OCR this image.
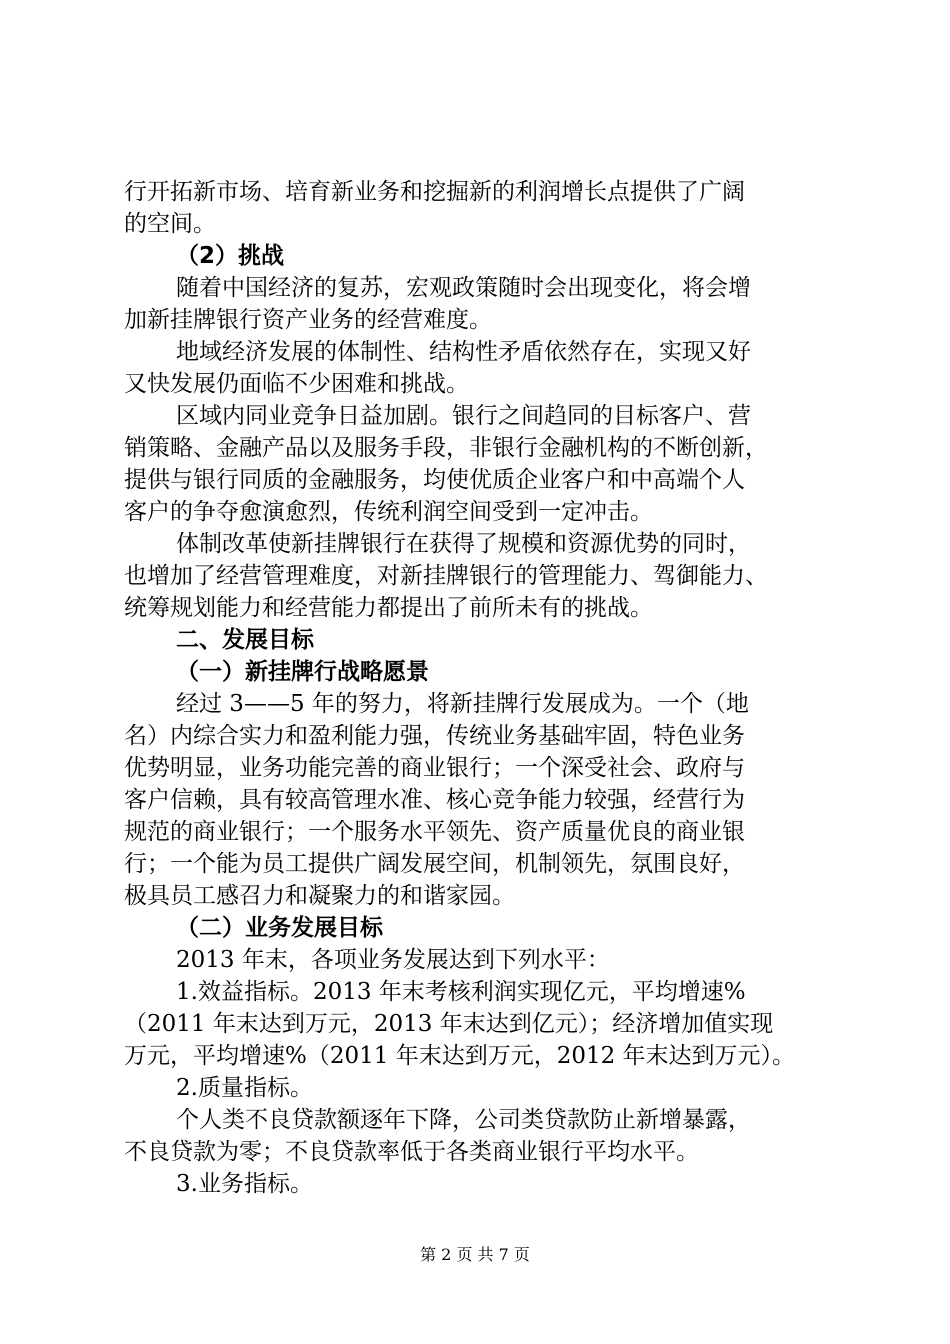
行开拓新市场、培育新业务和挖掘新的利润增长点提供了广阔
的空间。
（2）挑战
随着中国经济的复苏，宏观政策随时会出现变化，将会增
加新挂牌银行资产业务的经营难度。
地域经济发展的体制性、结构性矛盾依然存在，实现又好
又快发展仍面临不少困难和挑战。
区域内同业竞争日益加剧。银行之间趋同的目标客户、营
销策略、金融产品以及服务手段，非银行金融机构的不断创新，
提供与银行同质的金融服务，均使优质企业客户和中高端个人
客户的争夺愈演愈烈，传统利润空间受到一定冲击。
体制改革使新挂牌银行在获得了规模和资源优势的同时，
也增加了经营管理难度，对新挂牌银行的管理能力、驾御能力、
统筹规划能力和经营能力都提出了前所未有的挑战。
二、发展目标
（一）新挂牌行战略愿景
经过 3——5 年的努力，将新挂牌行发展成为。一个（地
名）内综合实力和盈利能力强，传统业务基础牢固，特色业务
优势明显，业务功能完善的商业银行；一个深受社会、政府与
客户信赖，具有较高管理水准、核心竞争能力较强，经营行为
规范的商业银行；一个服务水平领先、资产质量优良的商业银
行；一个能为员工提供广阔发展空间，机制领先，氛围良好，
极具员工感召力和凝聚力的和谐家园。
（二）业务发展目标
2013 年末，各项业务发展达到下列水平：
1.效益指标。2013 年末考核利润实现亿元，平均增速%
（2011 年末达到万元，2013 年末达到亿元）；经济增加值实现
万元，平均增速%（2011 年末达到万元，2012 年末达到万元）。
2.质量指标。
个人类不良贷款额逐年下降，公司类贷款防止新增暴露，
不良贷款为零；不良贷款率低于各类商业银行平均水平。
3.业务指标。
第 2 页 共 7 页
